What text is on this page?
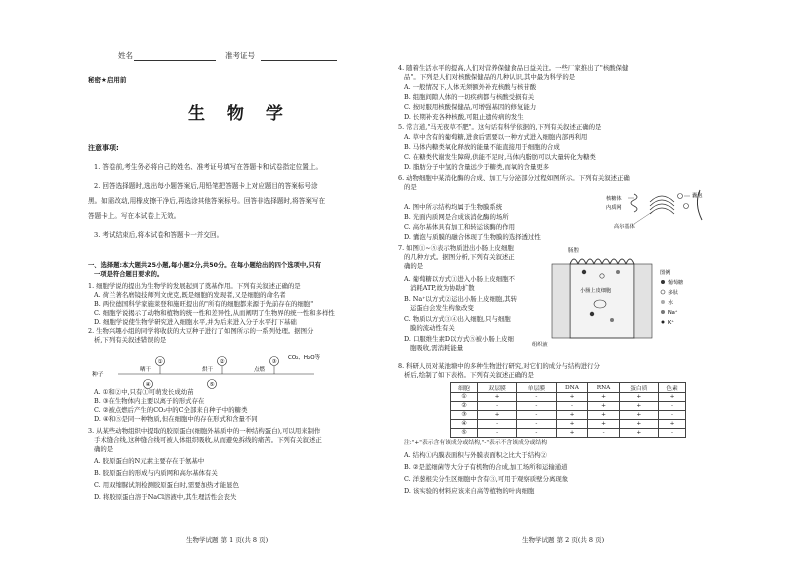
姓名	准考证号
秘密★启用前
生 物 学
注意事项:
1. 答卷前,考生务必将自己的姓名、准考证号填写在答题卡和试卷指定位置上。
2. 回答选择题时,选出每小题答案后,用铅笔把答题卡上对应题目的答案标号涂
黑。如需改动,用橡皮擦干净后,再选涂其他答案标号。回答非选择题时,将答案写在
答题卡上。写在本试卷上无效。
3. 考试结束后,将本试卷和答题卡一并交回。
一、选择题:本大题共25小题,每小题2分,共50分。在每小题给出的四个选项中,只有
一项是符合题目要求的。
1. 细胞学说的提出为生物学的发展起到了奠基作用。下列有关叙述正确的是
A. 荷兰著名磨镜技师列文虎克,既是细胞的发现者,又是细胞的命名者
B. 两位德国科学家施莱登和施旺提出的"所有的细胞都来源于先前存在的细胞"
C. 细胞学说揭示了动物和植物的统一性和差异性,从而阐明了生物界的统一性和多样性
D. 细胞学说使生物学研究进入细胞水平,并为后来进入分子水平打下基础
2. 生物兴趣小组的同学将收获的大豆种子进行了如图所示的一系列处理。据图分
析,下列有关叙述错误的是
①	②	③
CO₂、H₂O等
种子
晒干	烘干	点燃
④	⑤
A. ①和②中,只有①可萌发长成幼苗
B. ③在生物体内主要以离子的形式存在
C. ②被点燃后产生的CO₂中的C全部来自种子中的糖类
D. ④和⑤是同一种物质,但在细胞中的存在形式和含量不同
3. 从某些动物组织中提取的胶原蛋白(细胞外基质中的一种结构蛋白),可以用来制作
手术缝合线,这种缝合线可被人体组织吸收,从而避免拆线的痛苦。下列有关叙述正
确的是
A. 胶原蛋白的N元素主要存在于氨基中
B. 胶原蛋白的形成与内质网和高尔基体有关
C. 用双缩脲试剂检测胶原蛋白时,需要加热才能显色
D. 将胶原蛋白溶于NaCl溶液中,其生理活性会丧失
生物学试题 第 1 页(共 8 页)
4. 随着生活水平的提高,人们对营养保健食品日益关注。一些厂家推出了"核酸保健
品"。下列是人们对核酸保健品的几种认识,其中最为科学的是
A. 一般情况下,人体无须额外补充核酸与核苷酸
B. 组胞间隙人体的一切疾病都与核酸受损有关
C. 按时服用核酸保健品,可增强基因的修复能力
D. 长期补充各种核酸,可阻止遗传病的发生
5. 常言道,"马无夜草不肥"。这句话有科学依据的,下列有关叙述正确的是
A. 草中含有的葡萄糖,进食后需要以一种方式进入细胞内部再利用
B. 马体内糖类氧化释放的能量不能直接用于细胞的合成
C. 在糖类代谢发生障碍,供能不足时,马体内脂肪可以大量转化为糖类
D. 脂肪分子中氢的含量远少于糖类,而氧的含量更多
6. 动物细胞中某消化酶的合成、加工与分泌部分过程如图所示。下列有关叙述正确
的是
A. 图中所示结构均属于生物膜系统
B. 光面内质网是合成该消化酶的场所
C. 高尔基体具有加工和转运该酶的作用
D. 囊泡与质膜的融合体现了生物膜的选择透过性
核糖体
内质网
高尔基体
囊泡
7. 如图①~⑤表示物质进出小肠上皮细胞
的几种方式。据图分析,下列有关叙述正
确的是
A. 葡萄糖以方式①进入小肠上皮细胞不
消耗ATP,故为协助扩散
B. Na⁺以方式②运出小肠上皮细胞,其转
运蛋白会发生构象改变
C. 物质以方式③④出入细胞,只与细胞
膜的流动性有关
D. 口服维生素D以方式⑤被小肠上皮细
胞吸收,需消耗能量
肠腔
小肠上皮细胞
组织液
图例
葡萄糖
多肽
水
Na⁺
K⁺
8. 科研人员对某池塘中的多种生物进行研究,对它们的成分与结构进行分
析后,绘制了如下表格。下列有关叙述正确的是
细胞	双层膜	单层膜	DNA	RNA	蛋白质	色素
①	+	-	+	+	+	+
②	-	-	-	+	+	-
③	+	-	+	+	+	-
④	-	-	+	+	+	+
⑤	-	-	+	-	+	-
注:"+"表示含有该成分或结构,"-"表示不含该成分或结构
A. 结构①内膜表面积与外膜表面积之比大于结构②
B. ②是蓝细菌等大分子有机物的合成,加工场所和运输通道
C. 洋葱根尖分生区细胞中含有③,可用于观察质壁分离现象
D. 该实验的材料应该来自高等植物的叶肉细胞
生物学试题 第 2 页(共 8 页)
